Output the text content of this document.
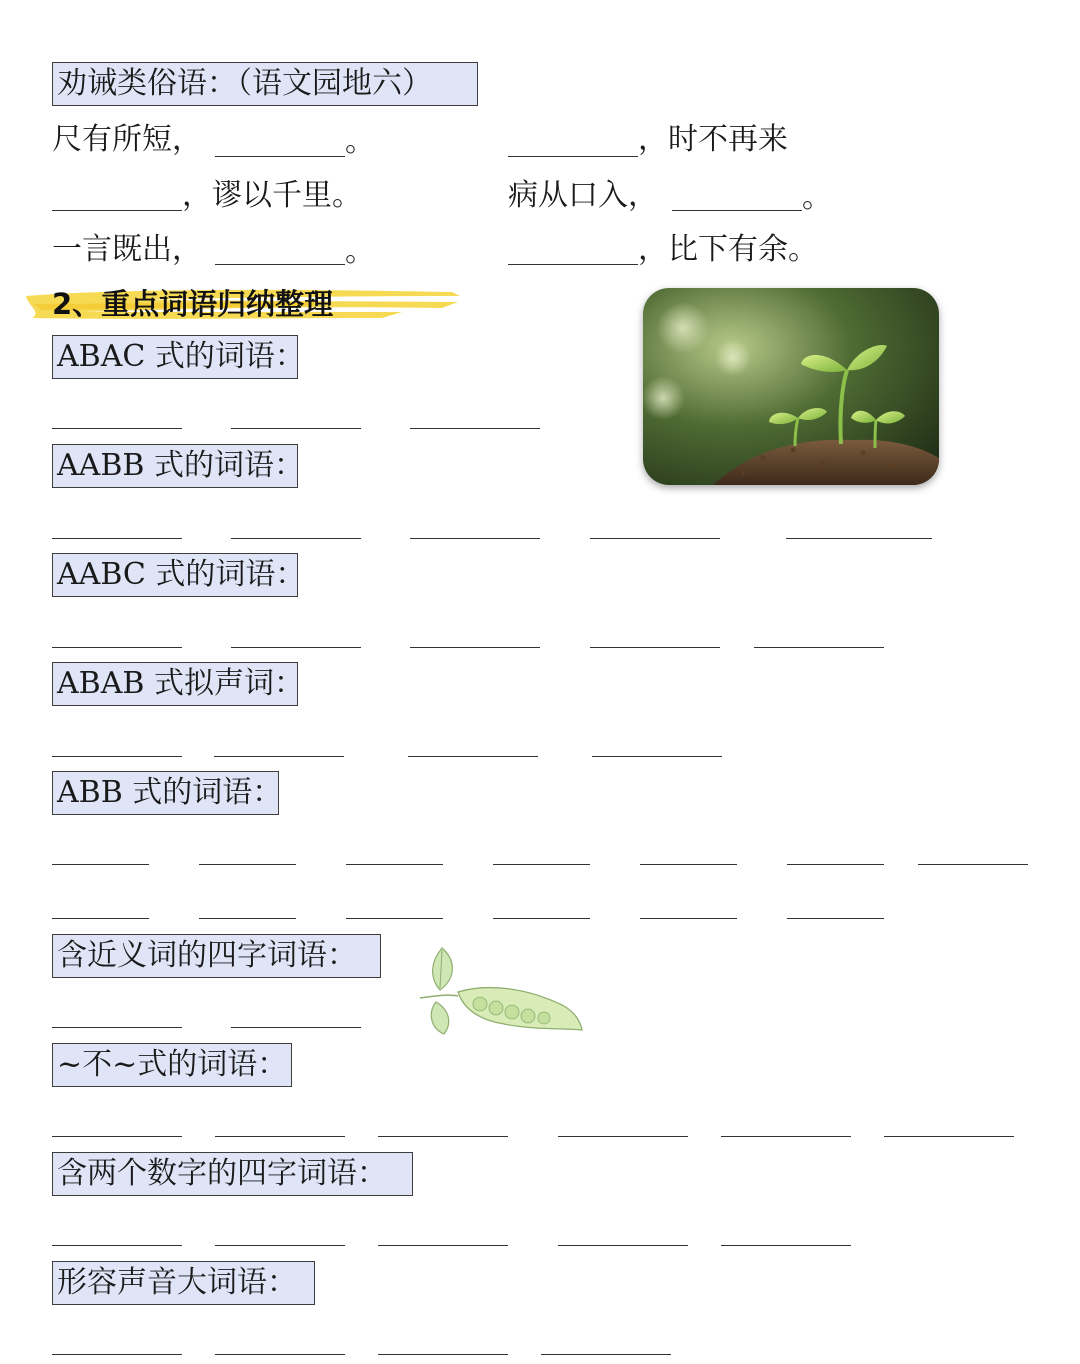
劝诫类俗语：（语文园地六）
尺有所短，	。	，时不再来
，谬以千里。	病从口入，	。
一言既出，	。	，比下有余。
2、重点词语归纳整理
ABAC 式的词语：
AABB 式的词语：
AABC 式的词语：
ABAB 式拟声词：
ABB 式的词语：
含近义词的四字词语：
~不~式的词语：
含两个数字的四字词语：
形容声音大词语：
